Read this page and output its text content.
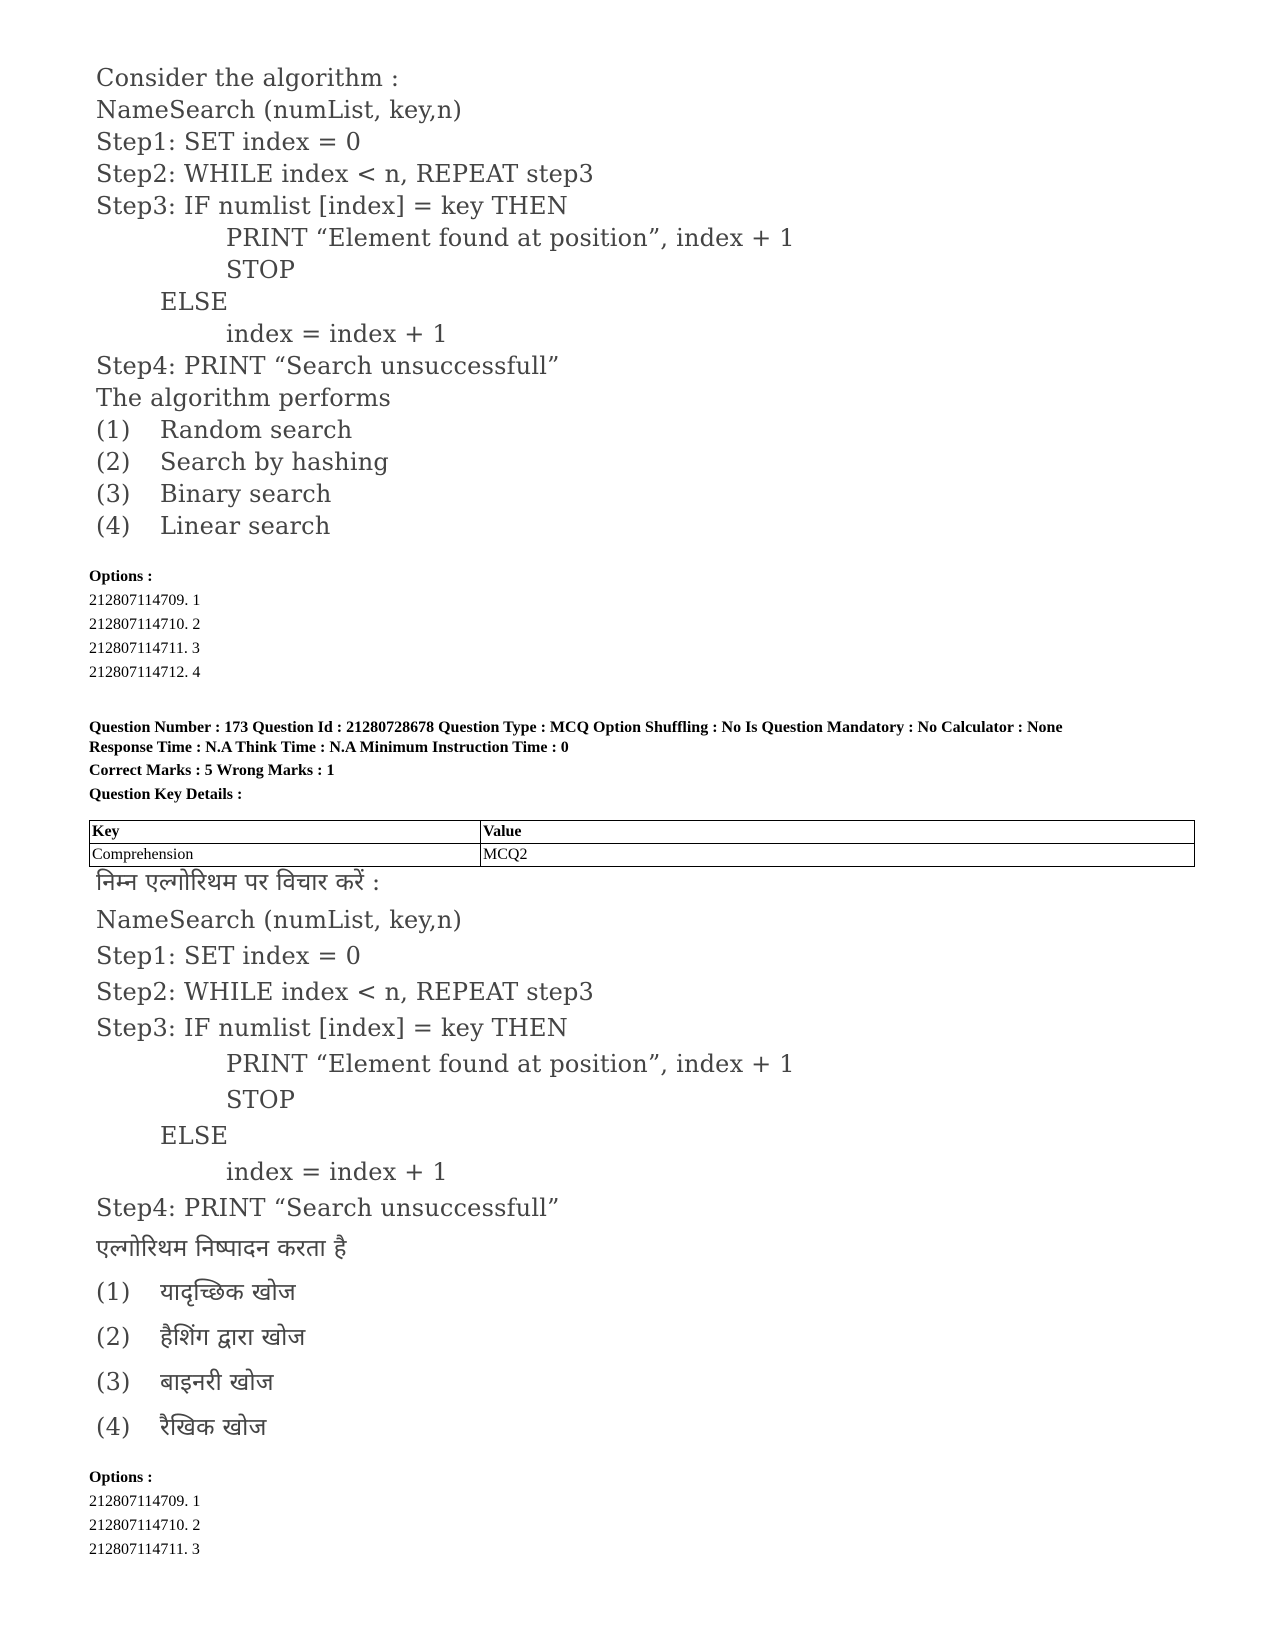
Consider the algorithm :
NameSearch (numList, key,n)
Step1: SET index = 0
Step2: WHILE index < n, REPEAT step3
Step3: IF numlist [index] = key THEN
PRINT “Element found at position”, index + 1
STOP
ELSE
index = index + 1
Step4: PRINT “Search unsuccessfull”
The algorithm performs
(1) Random search
(2) Search by hashing
(3) Binary search
(4) Linear search
Options :
212807114709. 1
212807114710. 2
212807114711. 3
212807114712. 4
Question Number : 173 Question Id : 21280728678 Question Type : MCQ Option Shuffling : No Is Question Mandatory : No Calculator : None
Response Time : N.A Think Time : N.A Minimum Instruction Time : 0
Correct Marks : 5 Wrong Marks : 1
Question Key Details :
Key	Value
Comprehension	MCQ2
निम्न एल्गोरिथम पर विचार करें :
NameSearch (numList, key,n)
Step1: SET index = 0
Step2: WHILE index < n, REPEAT step3
Step3: IF numlist [index] = key THEN
PRINT “Element found at position”, index + 1
STOP
ELSE
index = index + 1
Step4: PRINT “Search unsuccessfull”
एल्गोरिथम निष्पादन करता है
(1) यादृच्छिक खोज
(2) हैशिंग द्वारा खोज
(3) बाइनरी खोज
(4) रैखिक खोज
Options :
212807114709. 1
212807114710. 2
212807114711. 3
